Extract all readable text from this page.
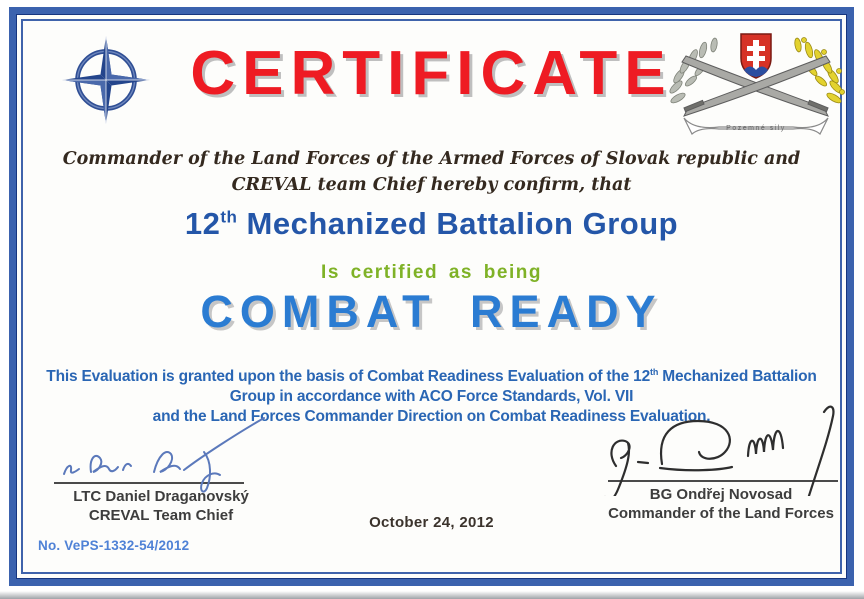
CERTIFICATE
Pozemné sily
Commander of the Land Forces of the Armed Forces of Slovak republic and
CREVAL team Chief hereby confirm, that
12th Mechanized Battalion Group
Is certified as being
COMBAT READY
This Evaluation is granted upon the basis of Combat Readiness Evaluation of the 12th Mechanized Battalion
Group in accordance with ACO Force Standards, Vol. VII
and the Land Forces Commander Direction on Combat Readiness Evaluation.
LTC Daniel Draganovský
CREVAL Team Chief
BG Ondřej Novosad
Commander of the Land Forces
October 24, 2012
No. VePS-1332-54/2012
